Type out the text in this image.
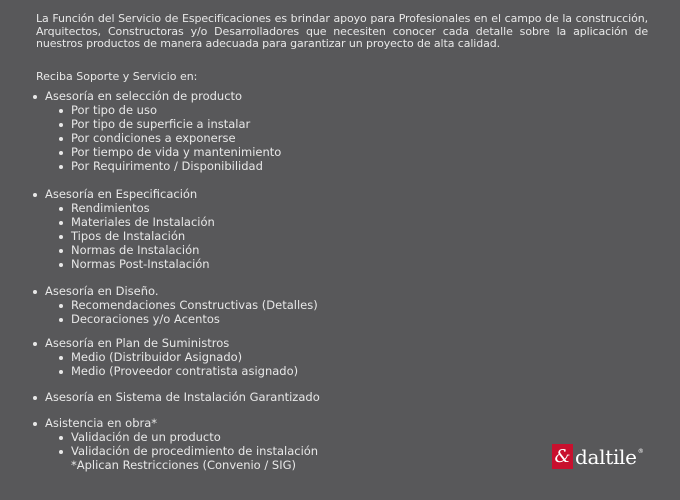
La Función del Servicio de Especificaciones es brindar apoyo para Profesionales en el campo de la construcción, Arquitectos, Constructoras y/o Desarrolladores que necesiten conocer cada detalle sobre la aplicación de nuestros productos de manera adecuada para garantizar un proyecto de alta calidad.
Reciba Soporte y Servicio en:
Asesoría en selección de producto
Por tipo de uso
Por tipo de superficie a instalar
Por condiciones a exponerse
Por tiempo de vida y mantenimiento
Por Requirimento / Disponibilidad
Asesoría en Especificación
Rendimientos
Materiales de Instalación
Tipos de Instalación
Normas de Instalación
Normas Post-Instalación
Asesoría en Diseño.
Recomendaciones Constructivas (Detalles)
Decoraciones y/o Acentos
Asesoría en Plan de Suministros
Medio (Distribuidor Asignado)
Medio (Proveedor contratista asignado)
Asesoría en Sistema de Instalación Garantizado
Asistencia en obra*
Validación de un producto
Validación de procedimiento de instalación
*Aplican Restricciones (Convenio / SIG)	& daltile ®
